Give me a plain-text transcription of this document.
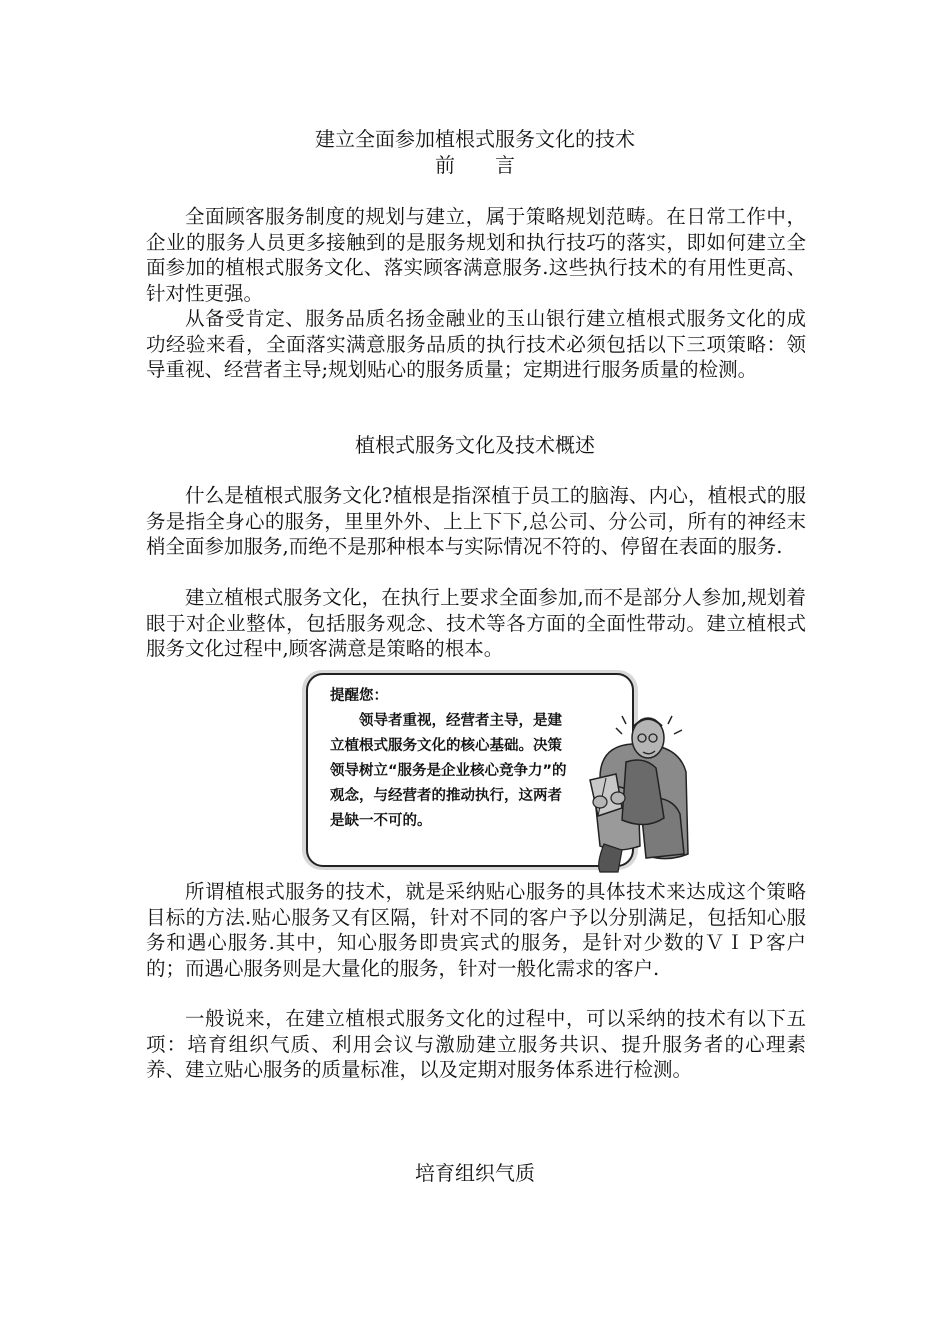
建立全面参加植根式服务文化的技术
前　　言

全面顾客服务制度的规划与建立，属于策略规划范畴。在日常工作中，企业的服务人员更多接触到的是服务规划和执行技巧的落实，即如何建立全面参加的植根式服务文化、落实顾客满意服务.这些执行技术的有用性更高、针对性更强。

从备受肯定、服务品质名扬金融业的玉山银行建立植根式服务文化的成功经验来看，全面落实满意服务品质的执行技术必须包括以下三项策略：领导重视、经营者主导;规划贴心的服务质量；定期进行服务质量的检测。

植根式服务文化及技术概述

什么是植根式服务文化?植根是指深植于员工的脑海、内心，植根式的服务是指全身心的服务，里里外外、上上下下,总公司、分公司，所有的神经末梢全面参加服务,而绝不是那种根本与实际情况不符的、停留在表面的服务.

建立植根式服务文化，在执行上要求全面参加,而不是部分人参加,规划着眼于对企业整体，包括服务观念、技术等各方面的全面性带动。建立植根式服务文化过程中,顾客满意是策略的根本。

提醒您：
领导者重视，经营者主导，是建立植根式服务文化的核心基础。决策领导树立“服务是企业核心竞争力”的观念，与经营者的推动执行，这两者是缺一不可的。

所谓植根式服务的技术，就是采纳贴心服务的具体技术来达成这个策略目标的方法.贴心服务又有区隔，针对不同的客户予以分别满足，包括知心服务和遇心服务.其中，知心服务即贵宾式的服务，是针对少数的ＶＩＰ客户的；而遇心服务则是大量化的服务，针对一般化需求的客户.

一般说来，在建立植根式服务文化的过程中，可以采纳的技术有以下五项：培育组织气质、利用会议与激励建立服务共识、提升服务者的心理素养、建立贴心服务的质量标准，以及定期对服务体系进行检测。

培育组织气质
